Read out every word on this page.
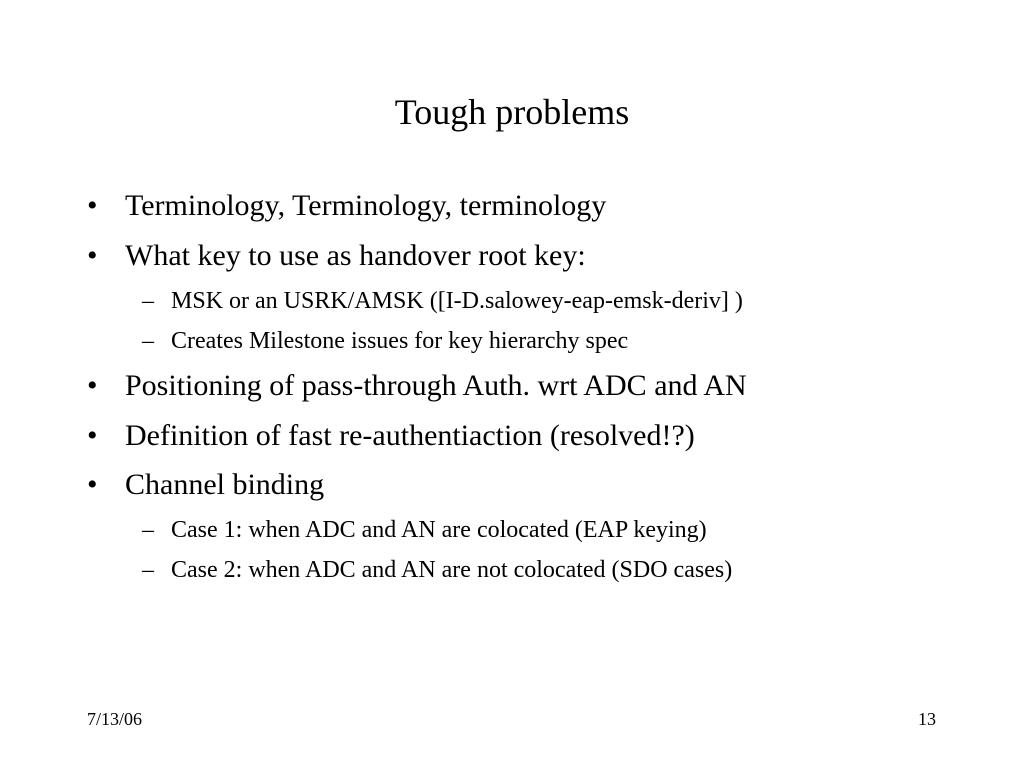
Tough problems
• Terminology, Terminology, terminology
• What key to use as handover root key:
– MSK or an USRK/AMSK ([I-D.salowey-eap-emsk-deriv] )
– Creates Milestone issues for key hierarchy spec
• Positioning of pass-through Auth. wrt ADC and AN
• Definition of fast re-authentiaction (resolved!?)
• Channel binding
– Case 1: when ADC and AN are colocated (EAP keying)
– Case 2: when ADC and AN are not colocated (SDO cases)
7/13/06	13
